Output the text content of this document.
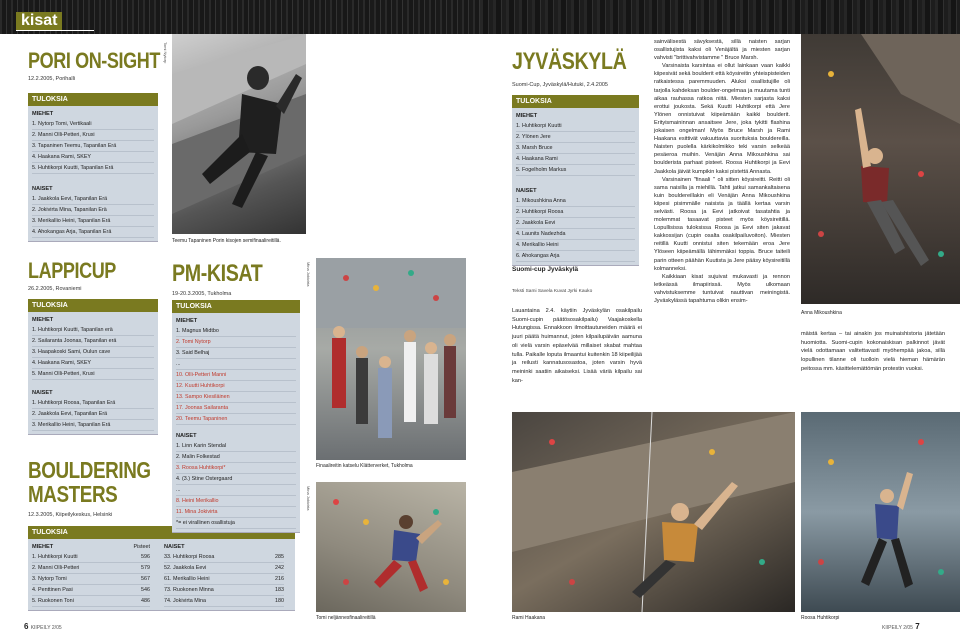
kisat
PORI ON-SIGHT
12.2.2005, Porihalli
TULOKSIA
MIEHET
1. Nytorp Tomi, Vertikaali
2. Manni Olli-Petteri, Kruxi
3. Tapaninen Teemu, Tapanilan Erä
4. Haakana Rami, SKEY
5. Huhtikorpi Kuutti, Tapanilan Erä
NAISET
1. Jaakkola Eevi, Tapanilan Erä
2. Jokivirta Mina, Tapanilan Erä
3. Merikallio Heini, Tapanilan Erä
4. Ahokangas Arja, Tapanilan Erä
LAPPICUP
26.2.2005, Rovaniemi
TULOKSIA
MIEHET
1. Huhtikorpi Kuutti, Tapanilan erä
2. Sailaranta Joonas, Tapanilan erä
3. Haapakoski Sami, Oulun cave
4. Haakana Rami, SKEY
5. Manni Olli-Petteri, Kruxi
NAISET
1. Huhtikorpi Roosa, Tapanilan Erä
2. Jaakkola Eevi, Tapanilan Erä
3. Merikallio Heini, Tapanilan Erä
BOULDERING
MASTERS
12.3.2005, Kiipeilykeskus, Helsinki
TULOKSIA
MIEHET	Pisteet
1. Huhtikorpi Kuutti	596
2. Manni Olli-Petteri	579
3. Nytorp Tomi	567
4. Penttinen Pasi	546
5. Ruokonen Toni	486
NAISET
33. Huhtikorpi Roosa	285
52. Jaakkola Eevi	242
61. Merikallio Heini	216
73. Ruokonen Minna	183
74. Jokivirta Mina	180
Tomi Nytorp
Teemu Tapaninen Porin kisojen semifinaalireitillä.
PM-KISAT
19-20.3.2005, Tukholma
TULOKSIA
MIEHET
1. Magnus Midtbo
2. Tomi Nytorp
3. Said Belhaj
...
10. Olli-Petteri Manni
12. Kuutti Huhtikorpi
13. Sampo Kiesiläinen
17. Joonas Sailaranta
20. Teemu Tapaninen
NAISET
1. Linn Karin Stendal
2. Malin Folkestad
3. Roosa Huhtikorpi*
4. (3.) Stine Ostergaard
...
8. Heini Merikallio
11. Mina Jokivirta
*= ei virallinen osallistuja
Mina Jokivirta
Finaalireitin katselu Klätterverket, Tukholma
Mina Jokivirta
Tomi neljännesfinaalireitillä
JYVÄSKYLÄ
Suomi-Cup, Jyväskylä/Hutuki, 2.4.2005
TULOKSIA
MIEHET
1. Huhtikorpi Kuutti
2. Ylönen Jere
3. Marsh Bruce
4. Haakana Rami
5. Fogelholm Markus
NAISET
1. Mikoushkina Anna
2. Huhtikorpi Roosa
2. Jaakkola Eevi
4. Launits Nadezhda
4. Merikallio Heini
6. Ahokangas Arja
Suomi-cup Jyväskylä
Teksti Sami Savela Kuvat Jyrki Kauko
Lauantaina 2.4. käytiin Jyväskylän osakilpailu Suomi-cupin päätösosakilpailu) Vaajakoskella Hutungissa. Ennakkoon ilmoittautuneiden määrä ei juuri päätä huimannut, joten kilpailupäivän aamuna oli vielä varsin epäselvää millaiset skabat mahtaa tulla. Paikalle loputa ilmaantui kuitenkin 18 kiipeilijää ja reilusti kannatusosastoa, joten varsin hyvä meininki saatiin aikaiseksi. Lisää väriä kilpailu sai kan-

sainvälisestä sävyksestä, sillä naisten sarjan osallistujista kaksi oli Venäjältä ja miesten sarjan vahvisti "brittivahvistamme " Bruce Marsh.

Varsinaista karsintaa ei ollut lainkaan vaan kaikki kiipesivät sekä boulderit että köysireitin yhteispisteiden ratkaistessa paremmuuden. Aluksi osallistujille oli tarjolla kahdeksan boulder-ongelmaa ja muutama tunti aikaa rauhassa ratkoa niitä. Miesten sarjasta kaksi erottui joukosta. Sekä Kuutti Huhtikorpi että Jere Ylönen onnistuivat kiipeämään kaikki boulderit. Erityismaininnan ansaitsee Jere, joka tykitti flashina jokaisen ongelman! Myös Bruce Marsh ja Rami Haakana esittivät vakuuttavia suorituksia bouldereilla. Naisten puolella kärkikolmikko teki varsin selkeää pesäeroa muihin. Venäjän Anna Mikoushkina sai boulderista parhaat pisteet. Roosa Huhtikorpi ja Eevi Jaakkola jäivät kumpikin kaksi pistettä Annasta.

Varsinainen "finaali " oli sitten köysireitti. Reitti oli sama naisilla ja miehillä. Tahti jatkui samankaltaisena kuin bouldereillakin eli Venäjän Anna Mikoushkina kiipesi pisimmälle naisista ja täällä kertaa varsin selvästi. Roosa ja Eevi jatkoivat tasatahtia ja molemmat tasaavat pisteet myös köysireitillä. Lopullisissa tuloksissa Roosa ja Eevi siten jakavat kakkossijan (cupin osalta osakilpailuvoiton). Miesten reitillä Kuutti onnistui siten tekemään eroa Jere Ylöseen kiipeämällä lähimmäksi toppia. Bruce taiteili parin otteen päähän Kuutista ja Jere pääsy köysireitillä kolmanneksi.

Kaikkiaan kisat sujuivat mukavasti ja rennon letkeässä ilmapiirissä. Myös ulkomaan vahvistuksemme tuntuivat nauttivan meiningistä. Jyväskylässä tapahtuma olikin ensim-

Anna Mikoushkina
mäistä kertaa – tai ainakin jos muinaishistoria jätetään huomiotta. Suomi-cupin kokonaiskisan palkinnot jävät vielä odottamaan valitettavasti myöhempää jakoa, sillä lopullinen tilanne oli tuolloin vielä hieman hämärän peitossa mm. käsittelemättömän protestin vuoksi.
Rami Haakana	Roosa Huhtikorpi
6 KIIPEILY 2/05	KIIPEILY 2/05 7
